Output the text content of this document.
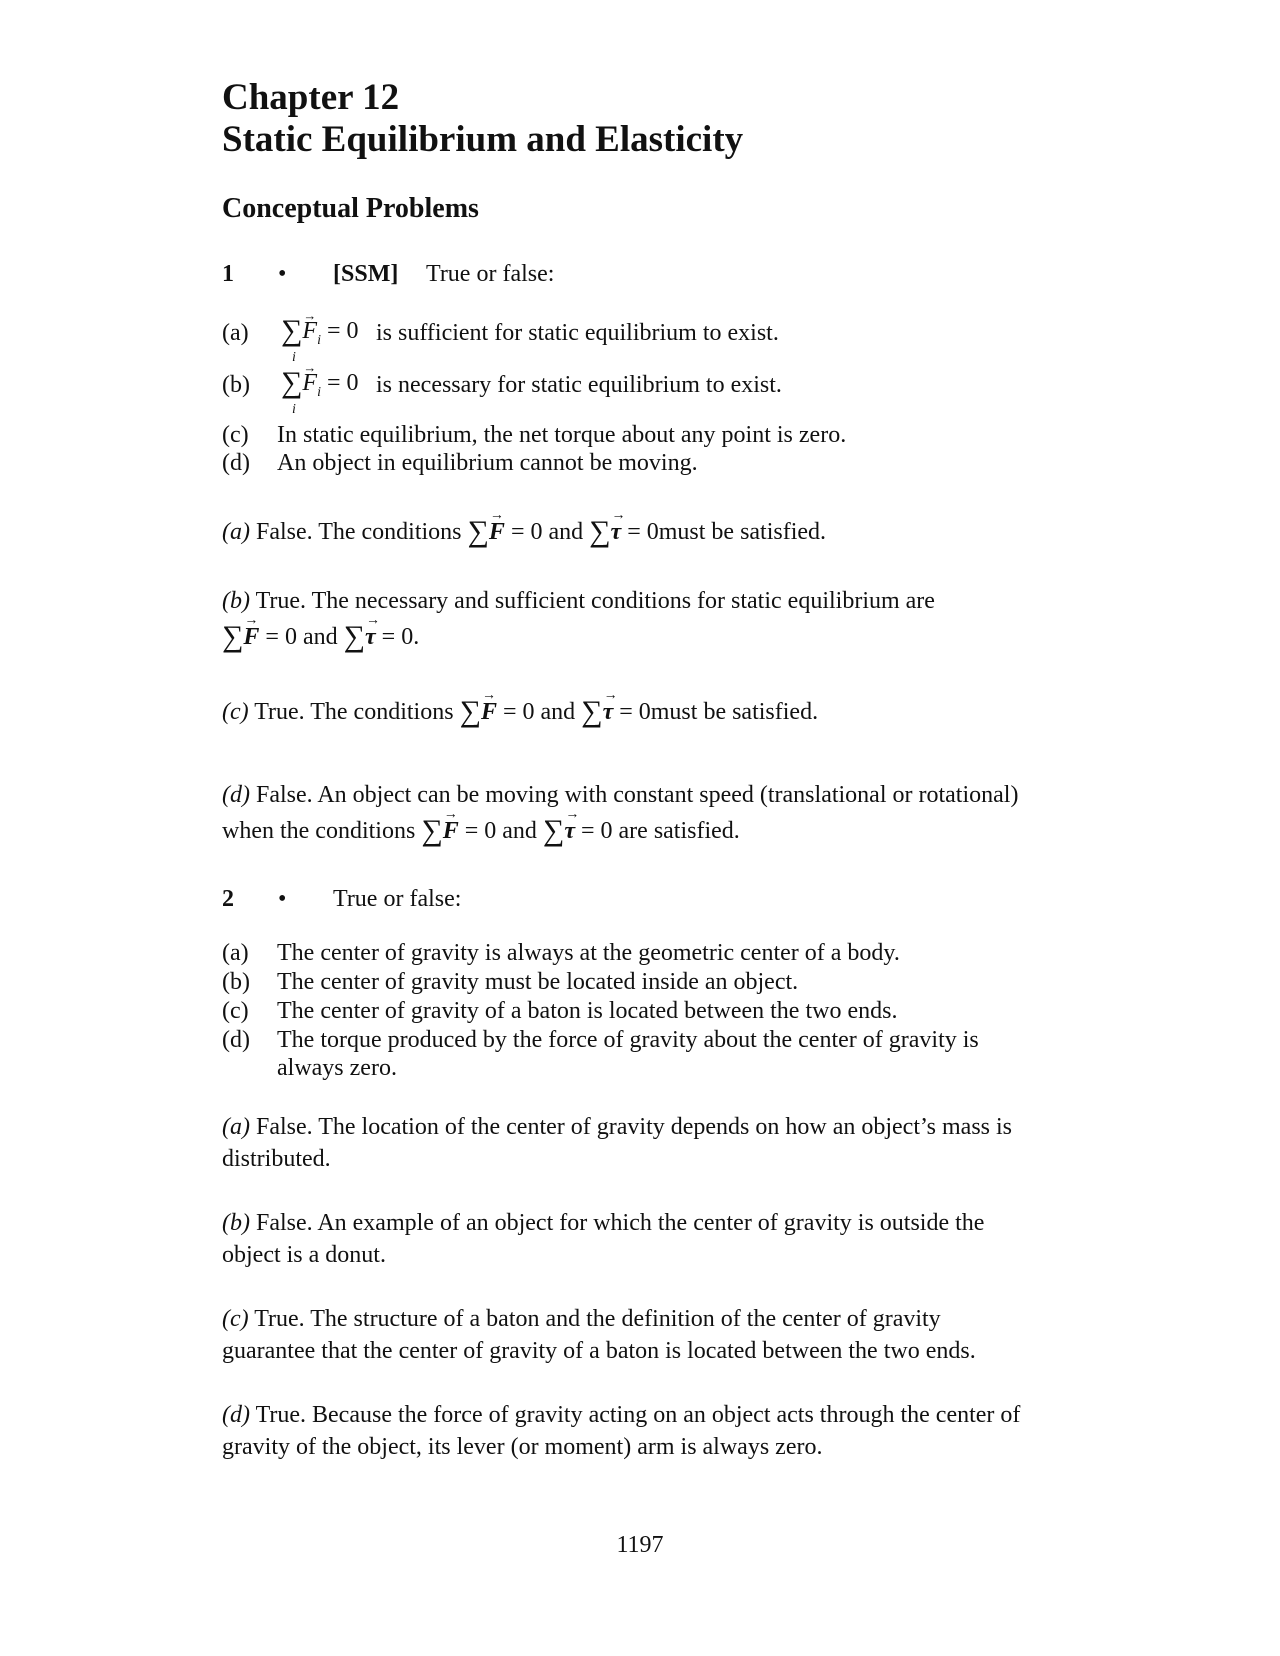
Chapter 12
Static Equilibrium and Elasticity
Conceptual Problems
1 • [SSM] True or false:
(a) ∑→ $F_i = 0$
i
is sufficient for static equilibrium to exist.
(b) ∑→ $F_i = 0$
i
is necessary for static equilibrium to exist.
(c) In static equilibrium, the net torque about any point is zero.
(d) An object in equilibrium cannot be moving.
(a) False. The conditions ∑→ F = 0 and ∑→ τ = 0must be satisfied.
(b) True. The necessary and sufficient conditions for static equilibrium are
∑→ F = 0 and ∑→ τ = 0.
(c) True. The conditions ∑→ F = 0 and ∑→ τ = 0must be satisfied.
(d) False. An object can be moving with constant speed (translational or rotational)
when the conditions ∑→ F = 0 and ∑→ τ = 0 are satisfied.
2 • True or false:
(a) The center of gravity is always at the geometric center of a body.
(b) The center of gravity must be located inside an object.
(c) The center of gravity of a baton is located between the two ends.
(d) The torque produced by the force of gravity about the center of gravity is
always zero.
(a) False. The location of the center of gravity depends on how an object’s mass is
distributed.
(b) False. An example of an object for which the center of gravity is outside the
object is a donut.
(c) True. The structure of a baton and the definition of the center of gravity
guarantee that the center of gravity of a baton is located between the two ends.
(d) True. Because the force of gravity acting on an object acts through the center of
gravity of the object, its lever (or moment) arm is always zero.
1197
